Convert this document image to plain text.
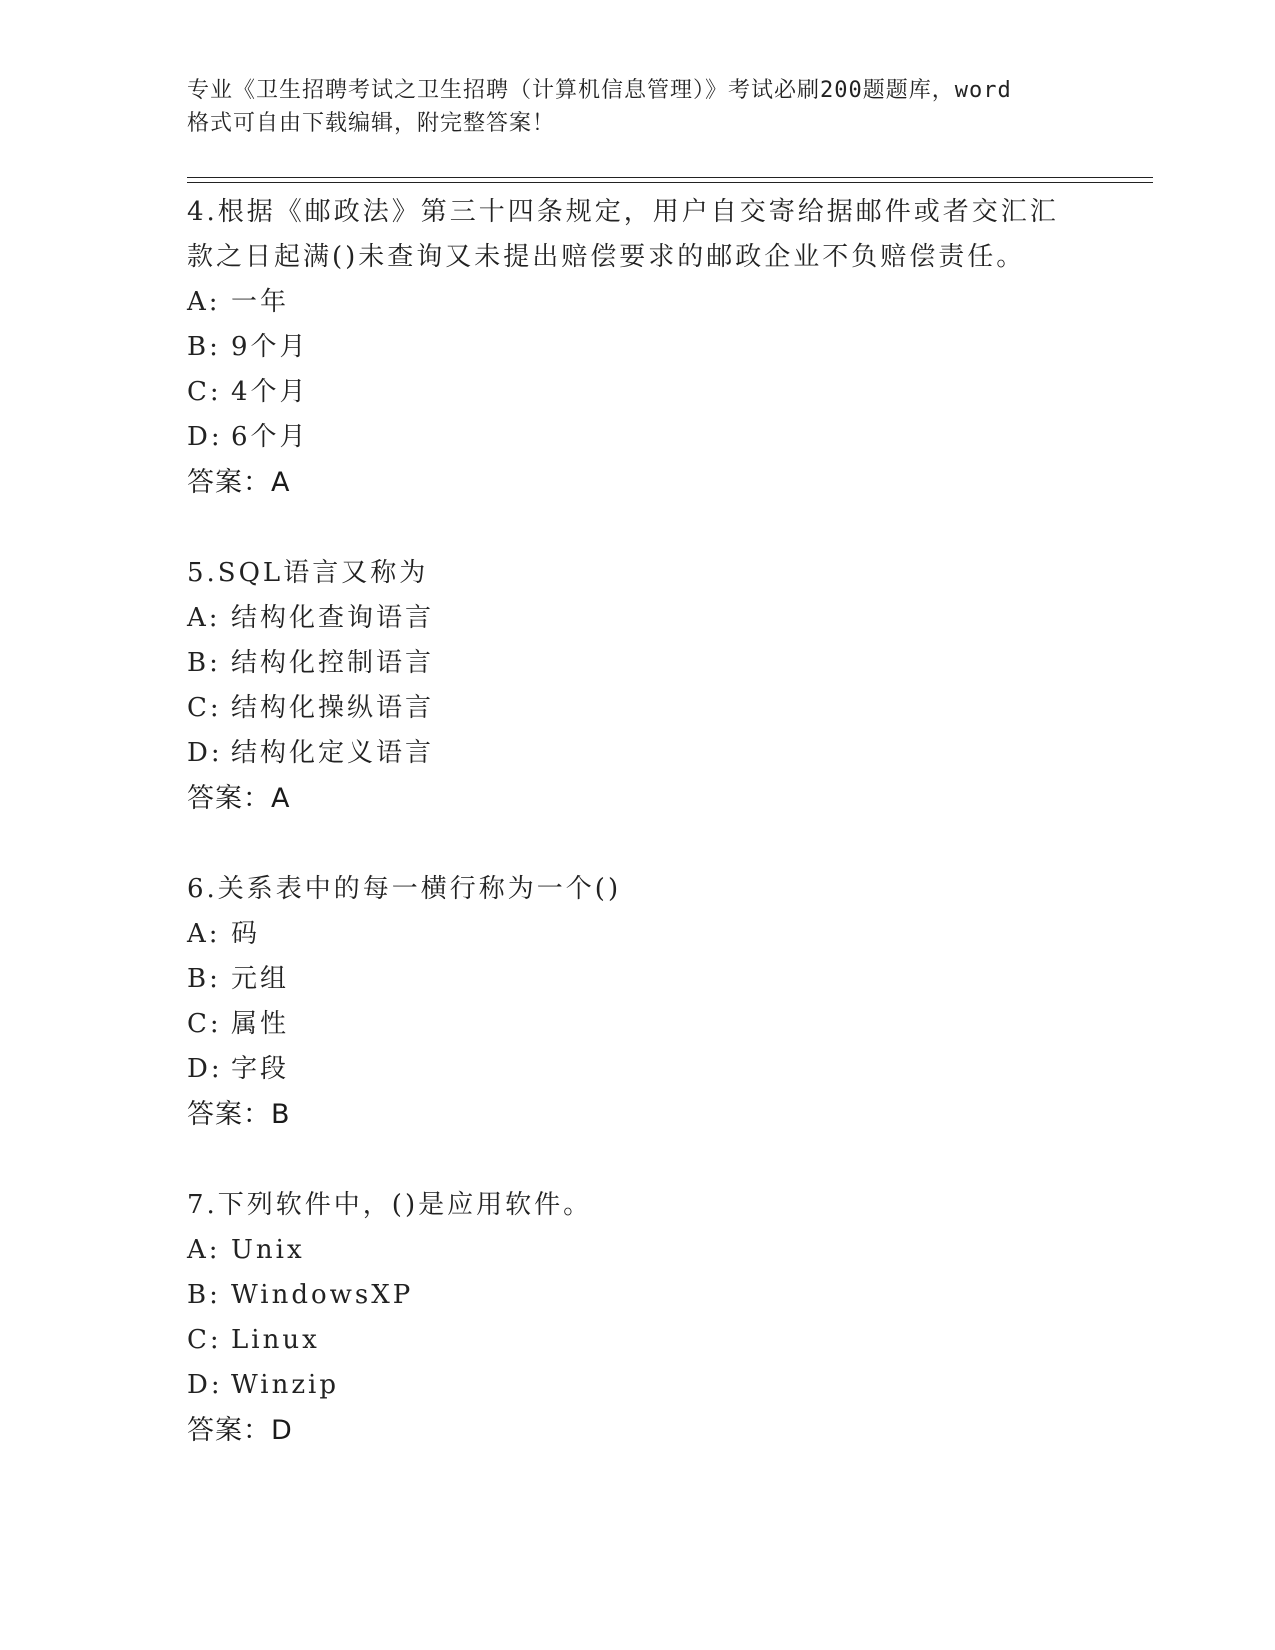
专业《卫生招聘考试之卫生招聘（计算机信息管理）》考试必刷200题题库，word
格式可自由下载编辑，附完整答案！
4.根据《邮政法》第三十四条规定，用户自交寄给据邮件或者交汇汇
款之日起满()未查询又未提出赔偿要求的邮政企业不负赔偿责任。
A: 一年
B: 9个月
C: 4个月
D: 6个月
答案：A
5.SQL语言又称为
A: 结构化查询语言
B: 结构化控制语言
C: 结构化操纵语言
D: 结构化定义语言
答案：A
6.关系表中的每一横行称为一个()
A: 码
B: 元组
C: 属性
D: 字段
答案：B
7.下列软件中，()是应用软件。
A: Unix
B: WindowsXP
C: Linux
D: Winzip
答案：D
